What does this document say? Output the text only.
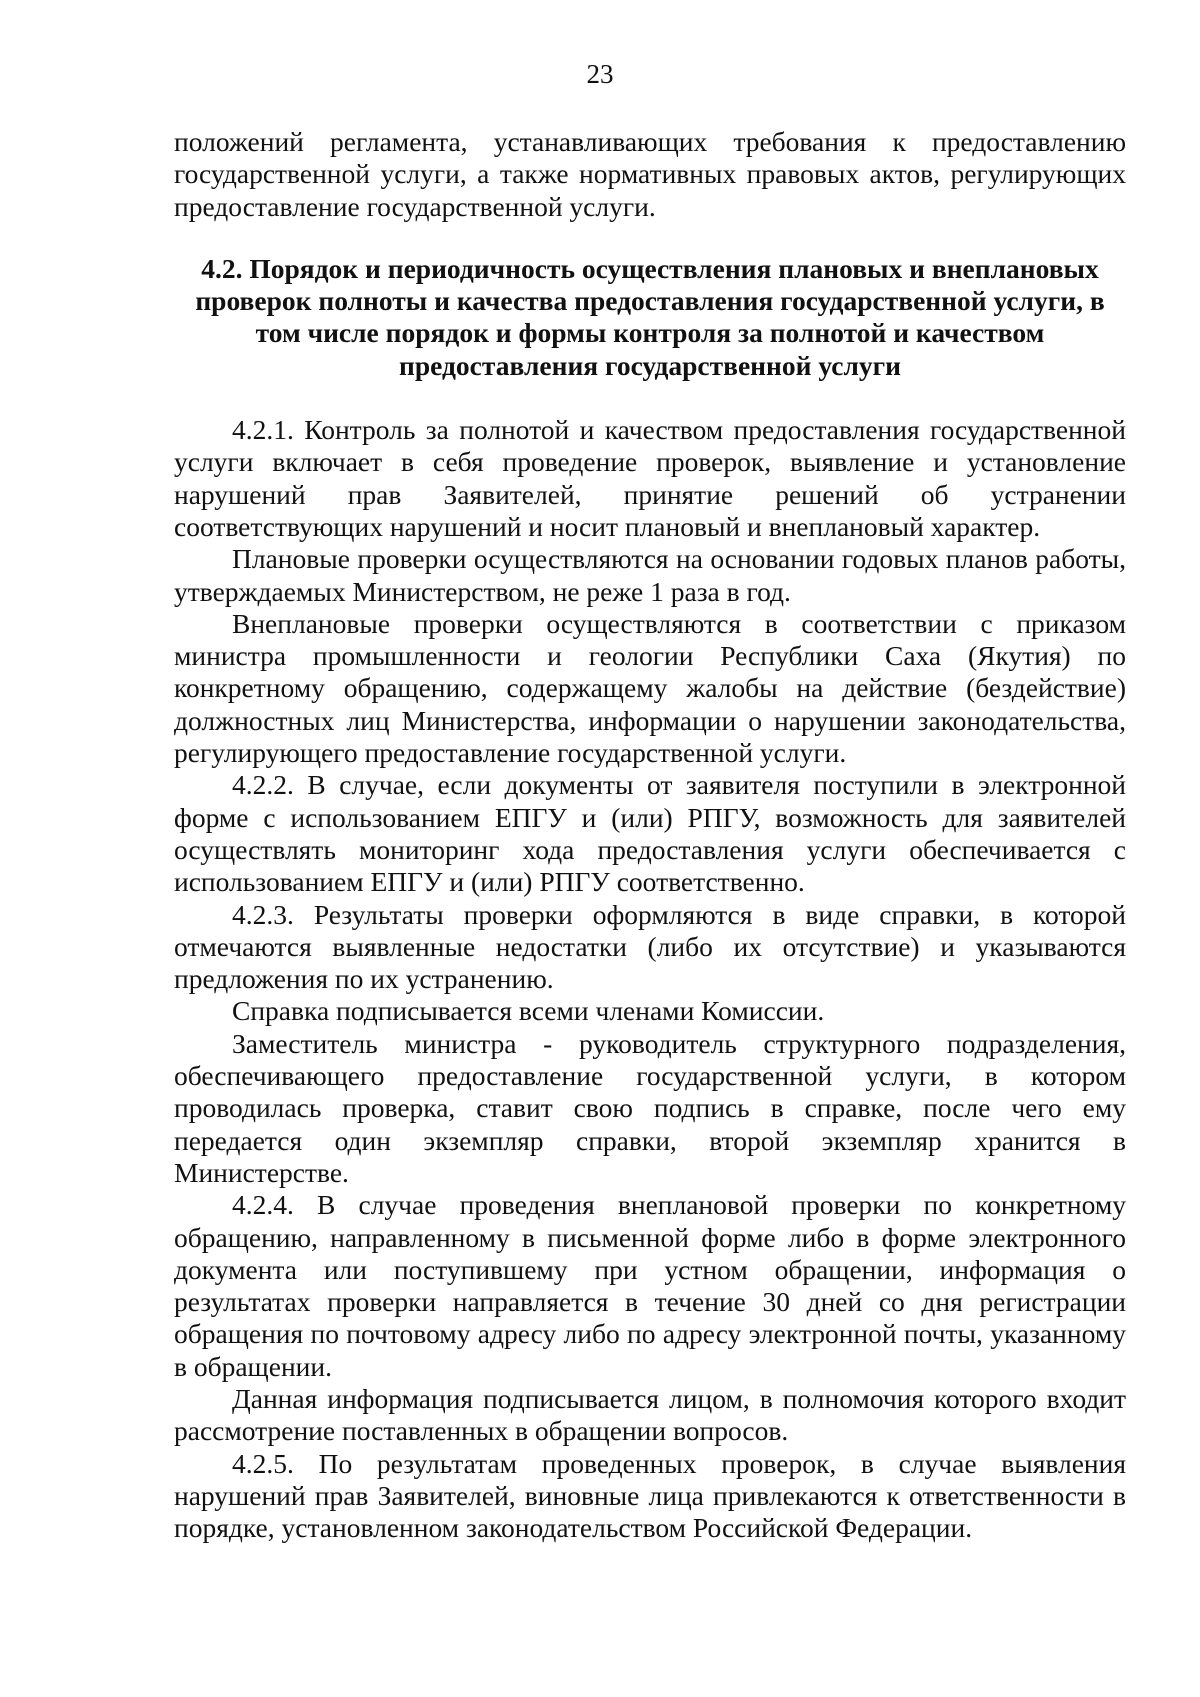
23

положений регламента, устанавливающих требования к предоставлению государственной услуги, а также нормативных правовых актов, регулирующих предоставление государственной услуги.

4.2. Порядок и периодичность осуществления плановых и внеплановых проверок полноты и качества предоставления государственной услуги, в том числе порядок и формы контроля за полнотой и качеством предоставления государственной услуги

4.2.1. Контроль за полнотой и качеством предоставления государственной услуги включает в себя проведение проверок, выявление и установление нарушений прав Заявителей, принятие решений об устранении соответствующих нарушений и носит плановый и внеплановый характер.

Плановые проверки осуществляются на основании годовых планов работы, утверждаемых Министерством, не реже 1 раза в год.

Внеплановые проверки осуществляются в соответствии с приказом министра промышленности и геологии Республики Саха (Якутия) по конкретному обращению, содержащему жалобы на действие (бездействие) должностных лиц Министерства, информации о нарушении законодательства, регулирующего предоставление государственной услуги.

4.2.2. В случае, если документы от заявителя поступили в электронной форме с использованием ЕПГУ и (или) РПГУ, возможность для заявителей осуществлять мониторинг хода предоставления услуги обеспечивается с использованием ЕПГУ и (или) РПГУ соответственно.

4.2.3. Результаты проверки оформляются в виде справки, в которой отмечаются выявленные недостатки (либо их отсутствие) и указываются предложения по их устранению.

Справка подписывается всеми членами Комиссии.

Заместитель министра - руководитель структурного подразделения, обеспечивающего предоставление государственной услуги, в котором проводилась проверка, ставит свою подпись в справке, после чего ему передается один экземпляр справки, второй экземпляр хранится в Министерстве.

4.2.4. В случае проведения внеплановой проверки по конкретному обращению, направленному в письменной форме либо в форме электронного документа или поступившему при устном обращении, информация о результатах проверки направляется в течение 30 дней со дня регистрации обращения по почтовому адресу либо по адресу электронной почты, указанному в обращении.

Данная информация подписывается лицом, в полномочия которого входит рассмотрение поставленных в обращении вопросов.

4.2.5. По результатам проведенных проверок, в случае выявления нарушений прав Заявителей, виновные лица привлекаются к ответственности в порядке, установленном законодательством Российской Федерации.
